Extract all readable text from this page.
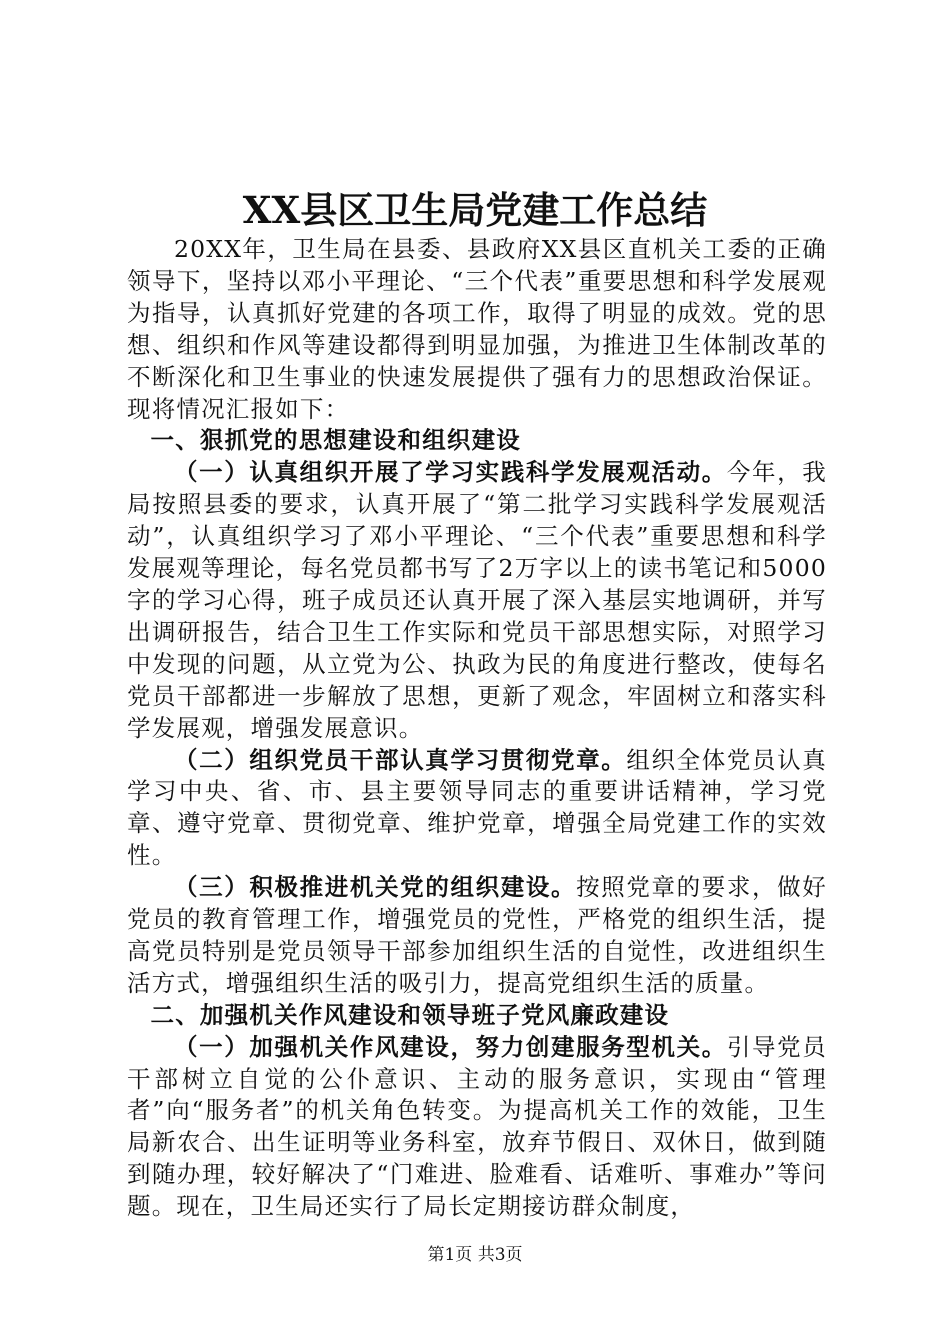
XX县区卫生局党建工作总结

20XX年，卫生局在县委、县政府XX县区直机关工委的正确领导下，坚持以邓小平理论、“三个代表”重要思想和科学发展观为指导，认真抓好党建的各项工作，取得了明显的成效。党的思想、组织和作风等建设都得到明显加强，为推进卫生体制改革的不断深化和卫生事业的快速发展提供了强有力的思想政治保证。现将情况汇报如下：

一、狠抓党的思想建设和组织建设

（一）认真组织开展了学习实践科学发展观活动。今年，我局按照县委的要求，认真开展了“第二批学习实践科学发展观活动”，认真组织学习了邓小平理论、“三个代表”重要思想和科学发展观等理论，每名党员都书写了2万字以上的读书笔记和5000字的学习心得，班子成员还认真开展了深入基层实地调研，并写出调研报告，结合卫生工作实际和党员干部思想实际，对照学习中发现的问题，从立党为公、执政为民的角度进行整改，使每名党员干部都进一步解放了思想，更新了观念，牢固树立和落实科学发展观，增强发展意识。

（二）组织党员干部认真学习贯彻党章。组织全体党员认真学习中央、省、市、县主要领导同志的重要讲话精神，学习党章、遵守党章、贯彻党章、维护党章，增强全局党建工作的实效性。

（三）积极推进机关党的组织建设。按照党章的要求，做好党员的教育管理工作，增强党员的党性，严格党的组织生活，提高党员特别是党员领导干部参加组织生活的自觉性，改进组织生活方式，增强组织生活的吸引力，提高党组织生活的质量。

二、加强机关作风建设和领导班子党风廉政建设

（一）加强机关作风建设，努力创建服务型机关。引导党员干部树立自觉的公仆意识、主动的服务意识，实现由“管理者”向“服务者”的机关角色转变。为提高机关工作的效能，卫生局新农合、出生证明等业务科室，放弃节假日、双休日，做到随到随办理，较好解决了“门难进、脸难看、话难听、事难办”等问题。现在，卫生局还实行了局长定期接访群众制度，

第1页 共3页
